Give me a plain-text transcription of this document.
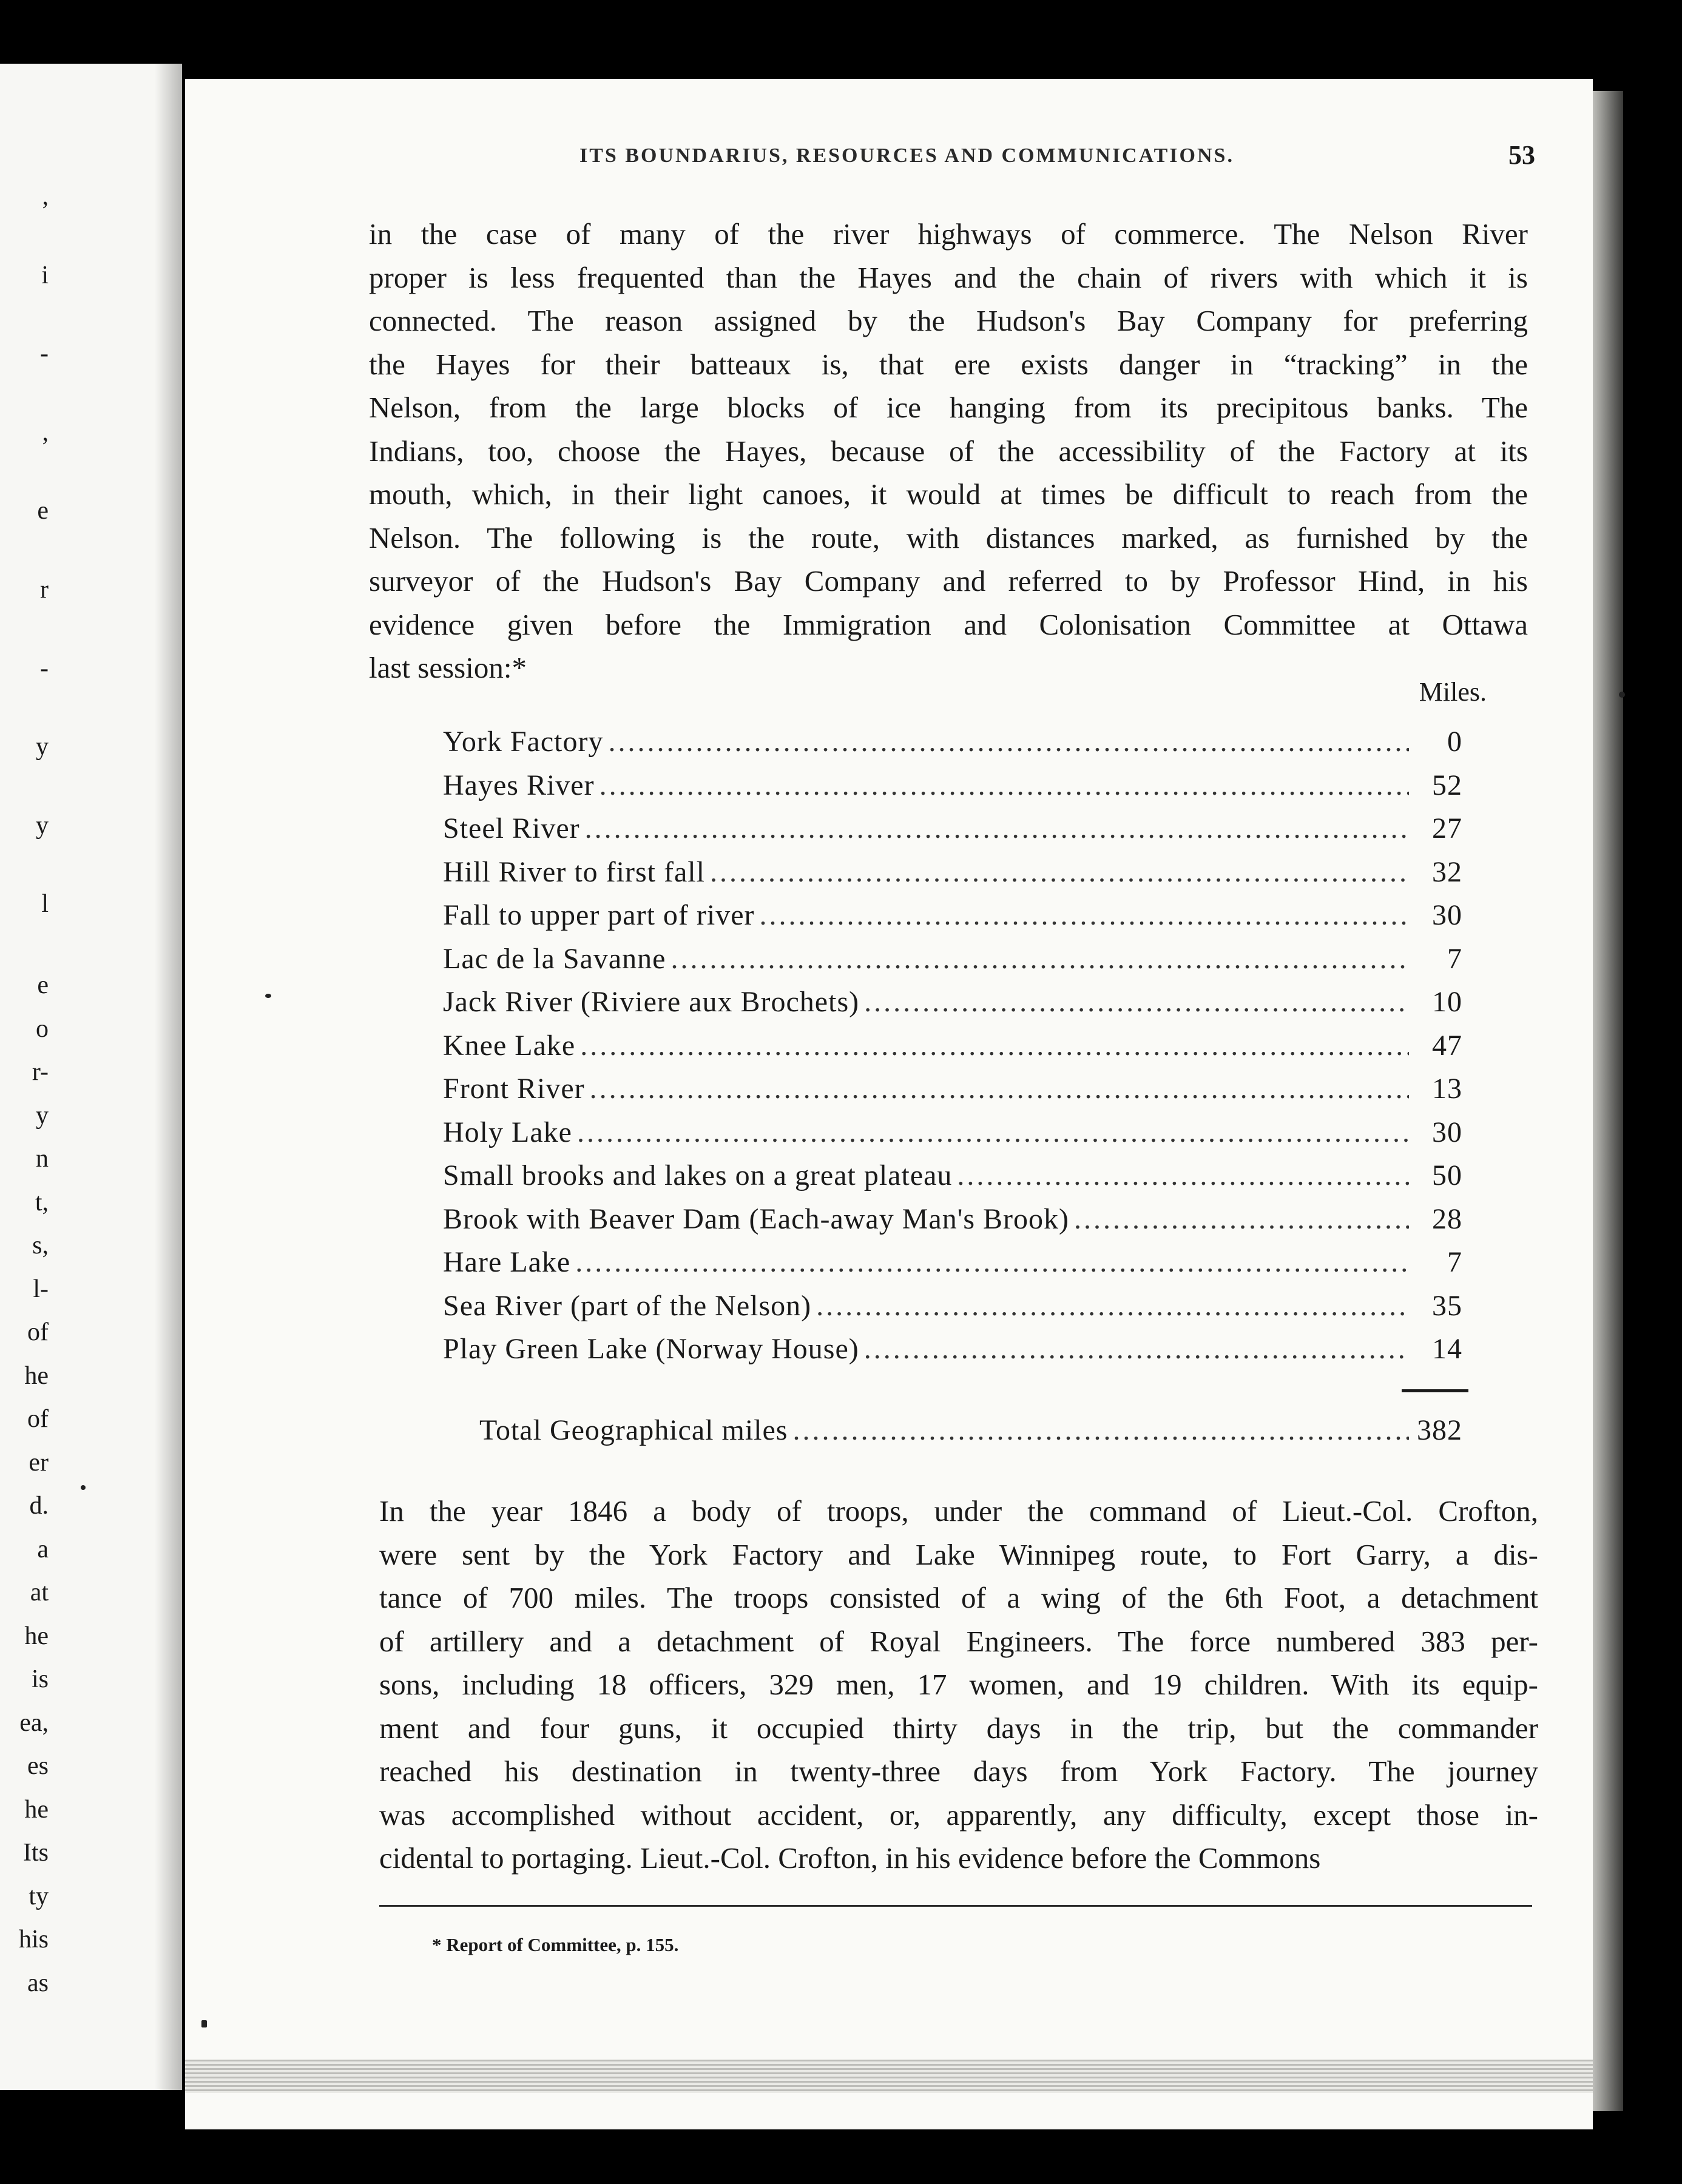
,
i
-
,
e
r
-
y
y
l
e
o
r-
y
n
t,
s,
l-
of
he
of
er
d.
a
at
he
is
ea,
es
he
Its
ty
his
as
ITS BOUNDARIUS, RESOURCES AND COMMUNICATIONS.	53

in the case of many of the river highways of commerce. The Nelson River
proper is less frequented than the Hayes and the chain of rivers with which it is
connected. The reason assigned by the Hudson's Bay Company for preferring
the Hayes for their batteaux is, that ere exists danger in “tracking” in the
Nelson, from the large blocks of ice hanging from its precipitous banks. The
Indians, too, choose the Hayes, because of the accessibility of the Factory at its
mouth, which, in their light canoes, it would at times be difficult to reach from the
Nelson. The following is the route, with distances marked, as furnished by the
surveyor of the Hudson's Bay Company and referred to by Professor Hind, in his
evidence given before the Immigration and Colonisation Committee at Ottawa
last session:*

Miles.
York Factory .....	0
Hayes River .....	52
Steel River .....	27
Hill River to first fall .....	32
Fall to upper part of river .....	30
Lac de la Savanne .....	7
Jack River (Riviere aux Brochets) .....	10
Knee Lake .....	47
Front River .....	13
Holy Lake .....	30
Small brooks and lakes on a great plateau .....	50
Brook with Beaver Dam (Each-away Man's Brook) .....	28
Hare Lake .....	7
Sea River (part of the Nelson) .....	35
Play Green Lake (Norway House) .....	14
Total Geographical miles .....	382

In the year 1846 a body of troops, under the command of Lieut.-Col. Crofton,
were sent by the York Factory and Lake Winnipeg route, to Fort Garry, a dis-
tance of 700 miles. The troops consisted of a wing of the 6th Foot, a detachment
of artillery and a detachment of Royal Engineers. The force numbered 383 per-
sons, including 18 officers, 329 men, 17 women, and 19 children. With its equip-
ment and four guns, it occupied thirty days in the trip, but the commander
reached his destination in twenty-three days from York Factory. The journey
was accomplished without accident, or, apparently, any difficulty, except those in-
cidental to portaging. Lieut.-Col. Crofton, in his evidence before the Commons

* Report of Committee, p. 155.
